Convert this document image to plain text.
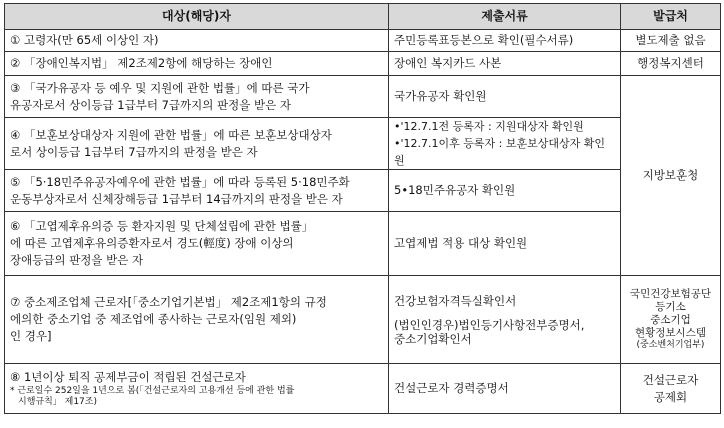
대상(해당)자	제출서류	발급처

① 고령자(만 65세 이상인 자)	주민등록표등본으로 확인(필수서류)	별도제출 없음

② 「장애인복지법」 제2조제2항에 해당하는 장애인	장애인 복지카드 사본	행정복지센터

③ 「국가유공자 등 예우 및 지원에 관한 법률」에 따른 국가
유공자로서 상이등급 1급부터 7급까지의 판정을 받은 자	국가유공자 확인원	지방보훈청

④ 「보훈보상대상자 지원에 관한 법률」에 따른 보훈보상대상자
로서 상이등급 1급부터 7급까지의 판정을 받은 자	•'12.7.1전 등록자 : 지원대상자 확인원
•'12.7.1이후 등록자 : 보훈보상대상자 확인원	

⑤ 「5·18민주유공자예우에 관한 법률」에 따라 등록된 5·18민주화
운동부상자로서 신체장해등급 1급부터 14급까지의 판정을 받은 자	5•18민주유공자 확인원	

⑥ 「고엽제후유의증 등 환자지원 및 단체설립에 관한 법률」
에 따른 고엽제후유의증환자로서 경도(輕度) 장애 이상의
장애등급의 판정을 받은 자	고엽제법 적용 대상 확인원	

⑦ 중소제조업체 근로자[「중소기업기본법」 제2조제1항의 규정
에의한 중소기업 중 제조업에 종사하는 근로자(임원 제외)
인 경우]	건강보험자격득실확인서
(법인인경우)법인등기사항전부증명서,
중소기업확인서	국민건강보험공단
등기소
중소기업
현황정보시스템
(중소벤처기업부)

⑧ 1년이상 퇴직 공제부금이 적립된 건설근로자
* 근로일수 252일을 1년으로 봄(「건설근로자의 고용개선 등에 관한 법률
시행규칙」 제17조)	건설근로자 경력증명서	건설근로자
공제회
